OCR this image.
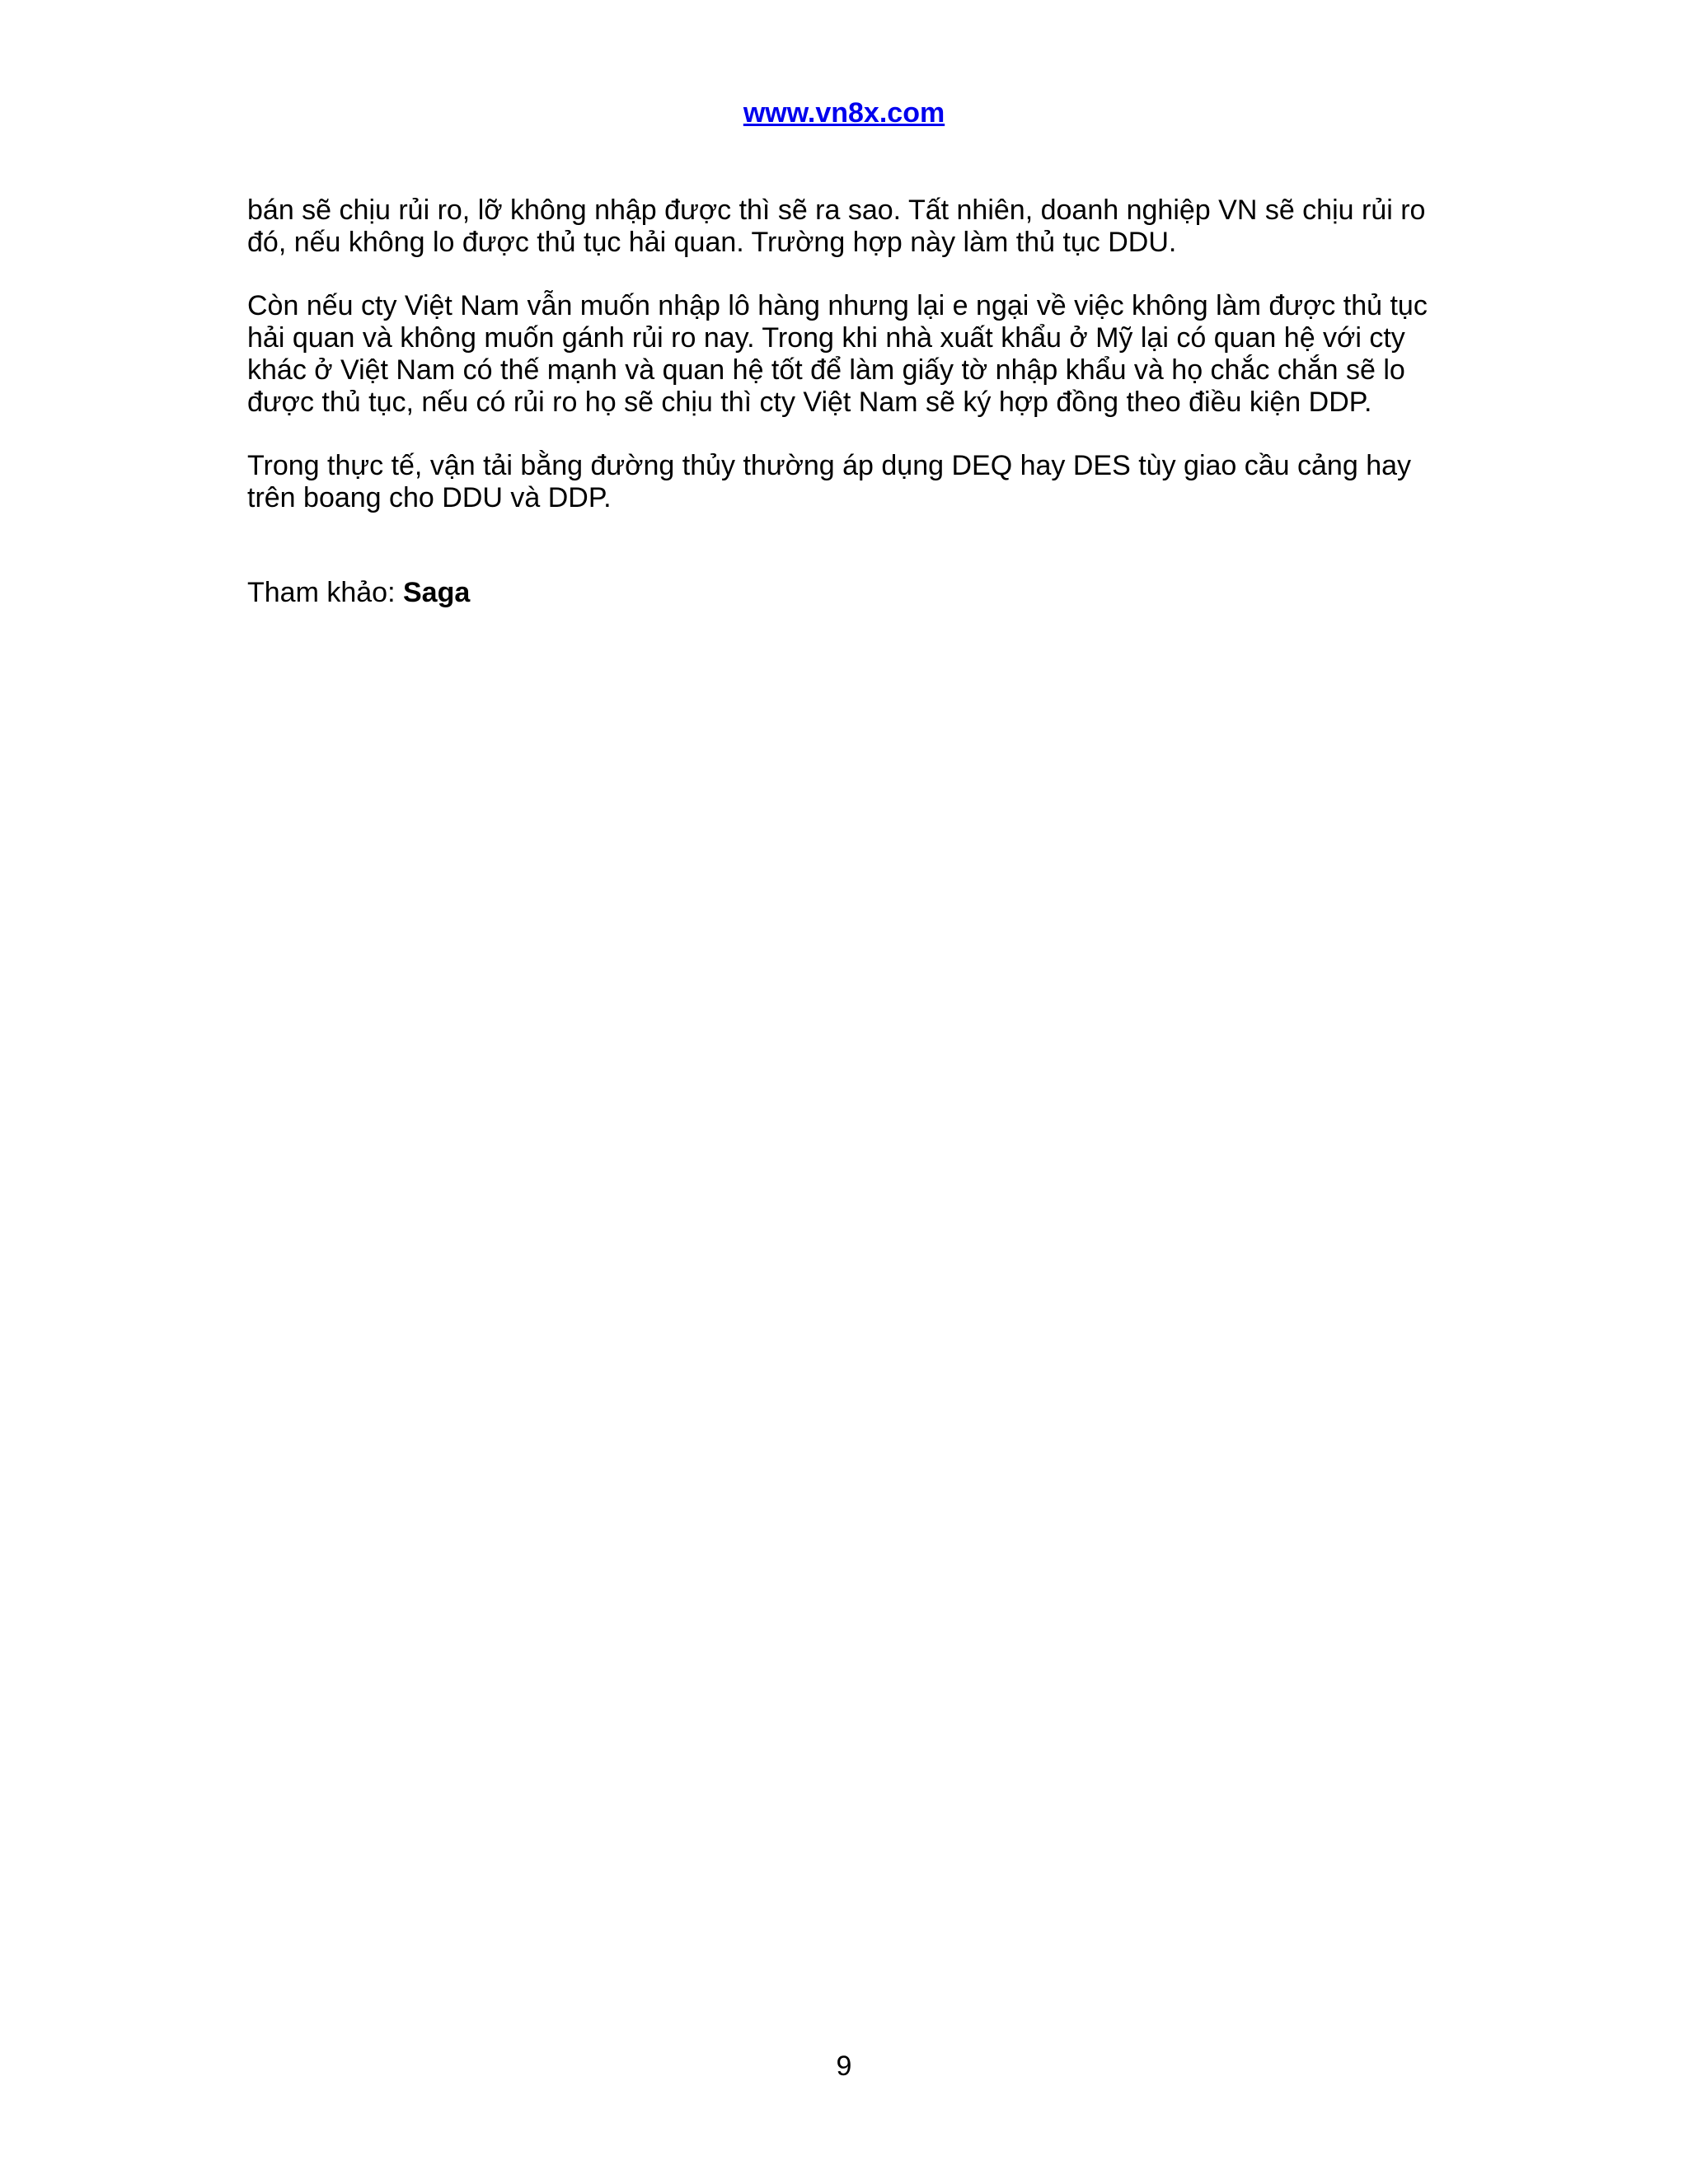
www.vn8x.com

bán sẽ chịu rủi ro, lỡ không nhập được thì sẽ ra sao. Tất nhiên, doanh nghiệp VN sẽ chịu rủi ro đó, nếu không lo được thủ tục hải quan. Trường hợp này làm thủ tục DDU.

Còn nếu cty Việt Nam vẫn muốn nhập lô hàng nhưng lại e ngại về việc không làm được thủ tục hải quan và không muốn gánh rủi ro nay. Trong khi nhà xuất khẩu ở Mỹ lại có quan hệ với cty khác ở Việt Nam có thế mạnh và quan hệ tốt để làm giấy tờ nhập khẩu và họ chắc chắn sẽ lo được thủ tục, nếu có rủi ro họ sẽ chịu thì cty Việt Nam sẽ ký hợp đồng theo điều kiện DDP.

Trong thực tế, vận tải bằng đường thủy thường áp dụng DEQ hay DES tùy giao cầu cảng hay trên boang cho DDU và DDP.

Tham khảo: Saga

9
